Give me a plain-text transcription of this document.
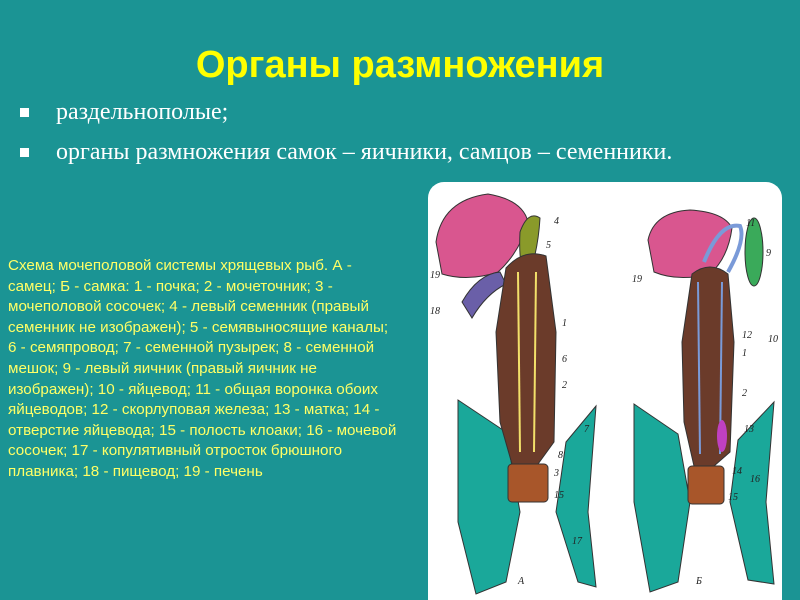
Органы размножения
раздельнополые;
органы размножения самок – яичники, самцов – семенники.
Схема мочеполовой системы хрящевых рыб. А - самец; Б - самка: 1 - почка; 2 - мочеточник; 3 - мочеполовой сосочек; 4 - левый семенник (правый семенник не изображен); 5 - семявыносящие каналы; 6 - семяпровод; 7 - семенной пузырек; 8 - семенной мешок; 9 - левый яичник (правый яичник не изображен); 10 - яйцевод; 11 - общая воронка обоих яйцеводов; 12 - скорлуповая железа; 13 - матка; 14 - отверстие яйцевода; 15 - полость клоаки; 16 - мочевой сосочек; 17 - копулятивный отросток брюшного плавника; 18 - пищевод; 19 - печень
4
5
19
18
1
6
2
7
8
3
15
17
А
9
11
19
10
12
1
2
13
14
16
15
Б
